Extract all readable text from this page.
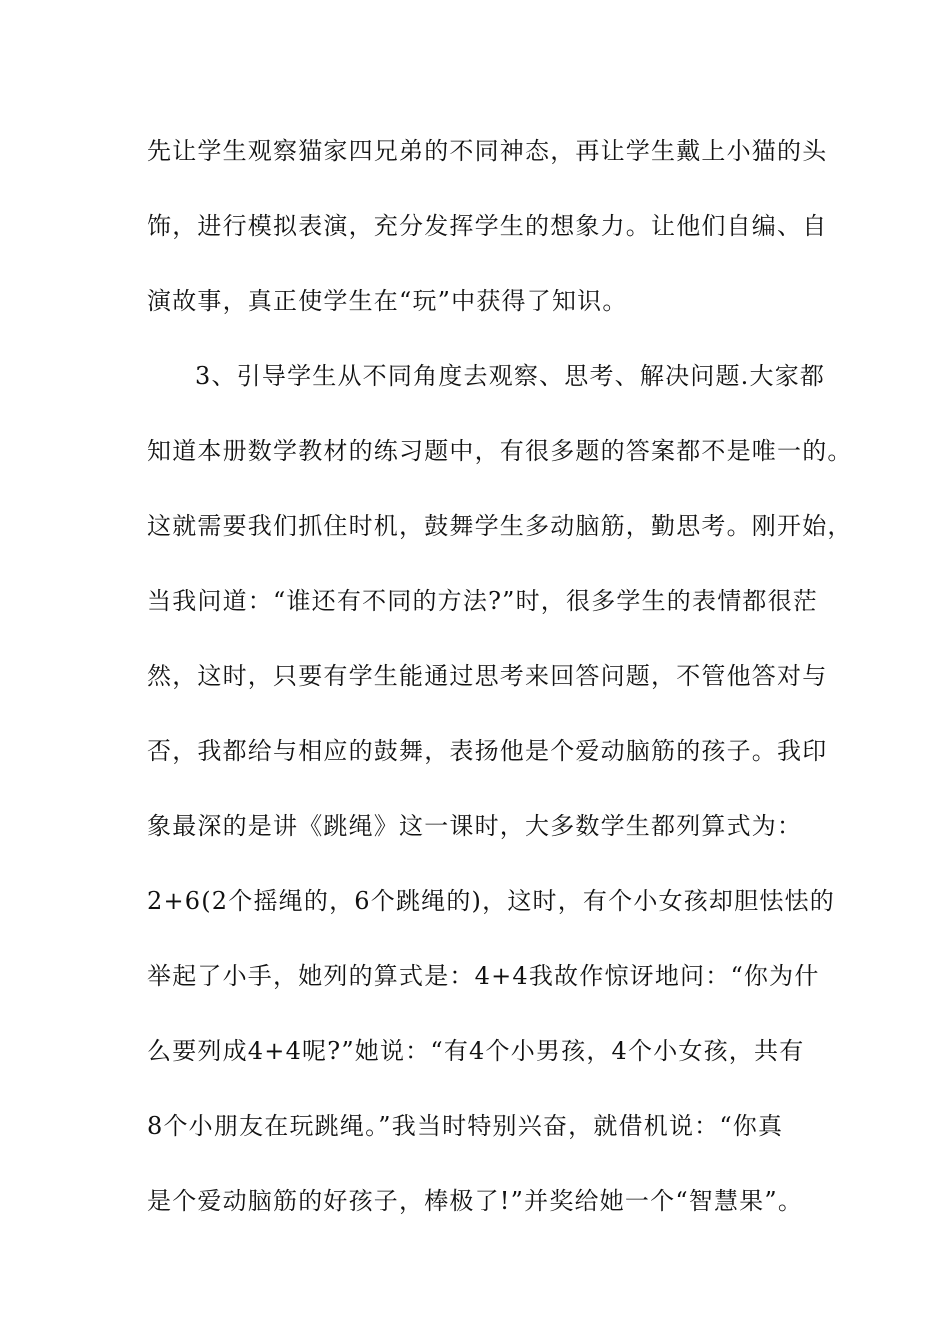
先让学生观察猫家四兄弟的不同神态，再让学生戴上小猫的头
饰，进行模拟表演，充分发挥学生的想象力。让他们自编、自
演故事，真正使学生在“玩”中获得了知识。
3、引导学生从不同角度去观察、思考、解决问题.大家都
知道本册数学教材的练习题中，有很多题的答案都不是唯一的。
这就需要我们抓住时机，鼓舞学生多动脑筋，勤思考。刚开始，
当我问道：“谁还有不同的方法?”时，很多学生的表情都很茫
然，这时，只要有学生能通过思考来回答问题，不管他答对与
否，我都给与相应的鼓舞，表扬他是个爱动脑筋的孩子。我印
象最深的是讲《跳绳》这一课时，大多数学生都列算式为：
2+6(2个摇绳的，6个跳绳的)，这时，有个小女孩却胆怯怯的
举起了小手，她列的算式是：4+4我故作惊讶地问：“你为什
么要列成4+4呢?”她说：“有4个小男孩，4个小女孩，共有
8个小朋友在玩跳绳。”我当时特别兴奋，就借机说：“你真
是个爱动脑筋的好孩子，棒极了!”并奖给她一个“智慧果”。
